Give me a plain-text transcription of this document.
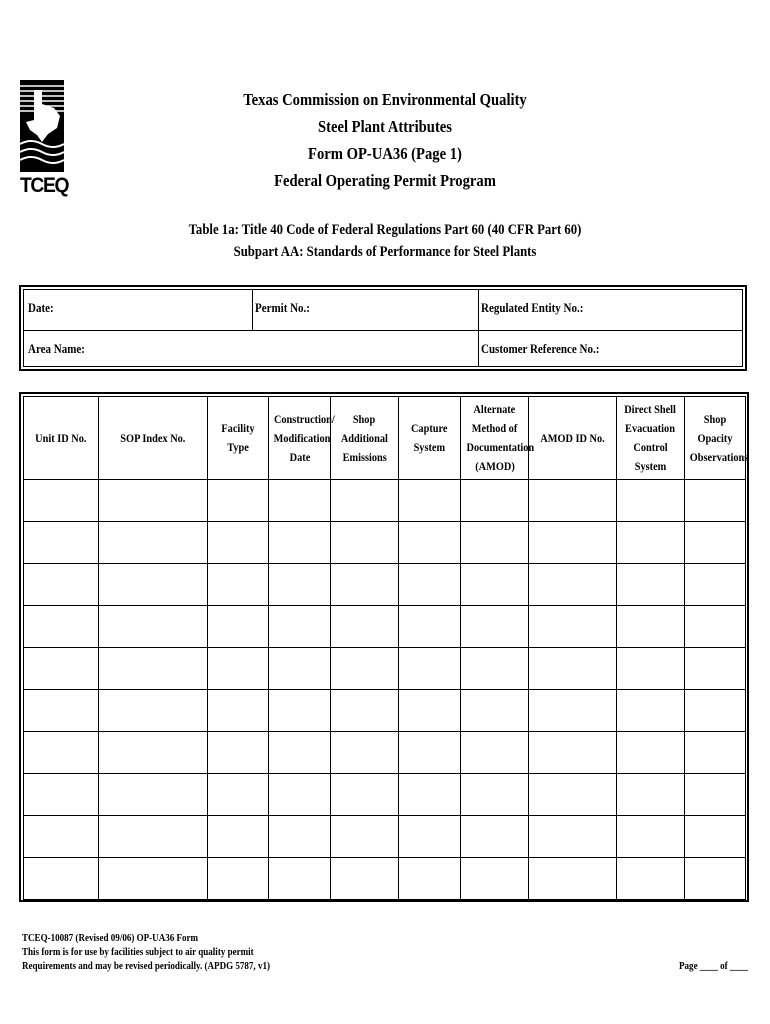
TCEQ
Texas Commission on Environmental Quality
Steel Plant Attributes
Form OP-UA36 (Page 1)
Federal Operating Permit Program
Table 1a: Title 40 Code of Federal Regulations Part 60 (40 CFR Part 60)
Subpart AA: Standards of Performance for Steel Plants
Date:	Permit No.:	Regulated Entity No.:
Area Name:	Customer Reference No.:
Unit ID No.	SOP Index No.	Facility Type	Construction/
Modification
Date	Shop
Additional
Emissions	Capture
System	Alternate
Method of
Documentation
(AMOD)	AMOD ID No.	Direct Shell
Evacuation
Control System	Shop Opacity
Observations

TCEQ-10087 (Revised 09/06) OP-UA36 Form
This form is for use by facilities subject to air quality permit
Requirements and may be revised periodically. (APDG 5787, v1)	Page ____ of ____
